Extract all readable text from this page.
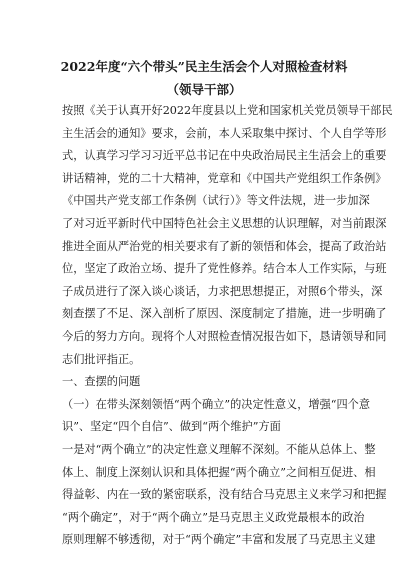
2022年度“六个带头”民主生活会个人对照检查材料
（领导干部）
按照《关于认真开好2022年度县以上党和国家机关党员领导干部民
主生活会的通知》要求，会前，本人采取集中探讨、个人自学等形
式，认真学习学习习近平总书记在中央政治局民主生活会上的重要
讲话精神，党的二十大精神，党章和《中国共产党组织工作条例》
《中国共产党支部工作条例（试行）》等文件法规，进一步加深
了对习近平新时代中国特色社会主义思想的认识理解，对当前跟深
推进全面从严治党的相关要求有了新的领悟和体会，提高了政治站
位，坚定了政治立场、提升了党性修养。结合本人工作实际，与班
子成员进行了深入谈心谈话，力求把思想提正，对照6个带头，深
刻查摆了不足、深入剖析了原因、深度制定了措施，进一步明确了
今后的努力方向。现将个人对照检查情况报告如下，恳请领导和同
志们批评指正。
一、查摆的问题
（一）在带头深刻领悟“两个确立”的决定性意义，增强“四个意
识”、坚定“四个自信”、做到“两个维护”方面
一是对“两个确立”的决定性意义理解不深刻。不能从总体上、整
体上、制度上深刻认识和具体把握“两个确立”之间相互促进、相
得益彰、内在一致的紧密联系，没有结合马克思主义来学习和把握
“两个确定”，对于“两个确立”是马克思主义政党最根本的政治
原则理解不够透彻，对于“两个确定”丰富和发展了马克思主义建
